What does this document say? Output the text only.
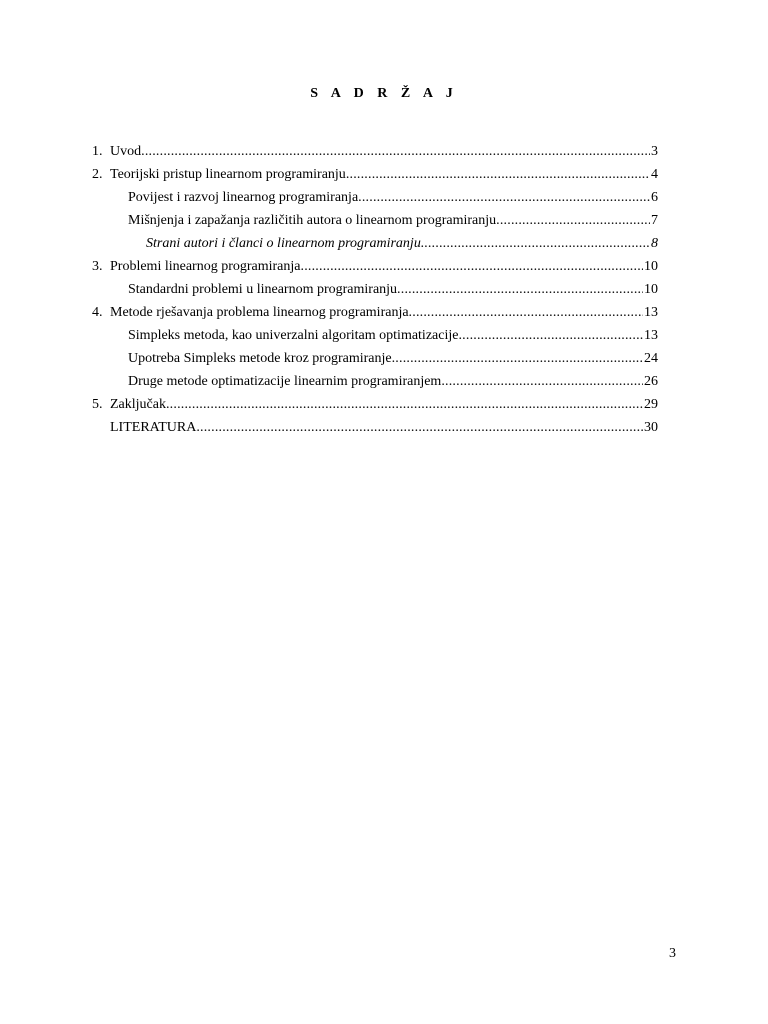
S A D R Ž A J
1. Uvod .....	3
2. Teorijski pristup linearnom programiranju .....	4
Povijest i razvoj linearnog programiranja .....	6
Mišnjenja i zapažanja različitih autora o linearnom programiranju .....	7
Strani autori i članci o linearnom programiranju .....	8
3. Problemi linearnog programiranja .....	10
Standardni problemi u linearnom programiranju .....	10
4. Metode rješavanja problema linearnog programiranja .....	13
Simpleks metoda, kao univerzalni algoritam optimatizacije .....	13
Upotreba Simpleks metode kroz programiranje .....	24
Druge metode optimatizacije linearnim programiranjem .....	26
5. Zaključak .....	29
LITERATURA .....	30
3
